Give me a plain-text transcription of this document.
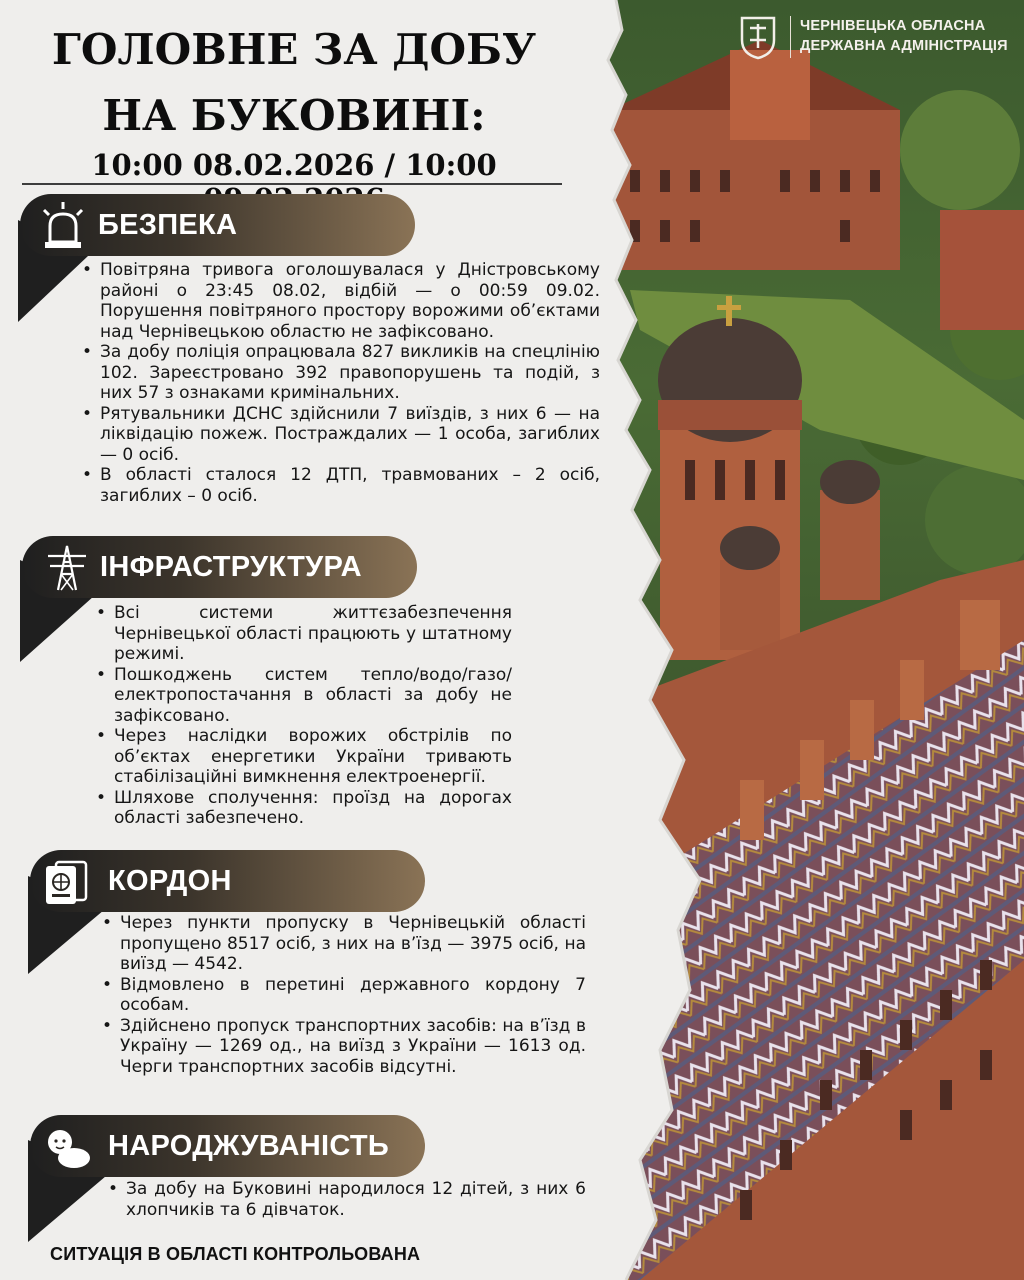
ЧЕРНІВЕЦЬКА ОБЛАСНА
ДЕРЖАВНА АДМІНІСТРАЦІЯ
ГОЛОВНЕ ЗА ДОБУ
НА БУКОВИНІ:
10:00 08.02.2026 / 10:00
БЕЗПЕКА
• Повітряна тривога оголошувалася у Дністровському районі о 23:45 08.02, відбій — о 00:59 09.02. Порушення повітряного простору ворожими об’єктами над Чернівецькою областю не зафіксовано.
• За добу поліція опрацювала 827 викликів на спецлінію 102. Зареєстровано 392 правопорушень та подій, з них 57 з ознаками кримінальних.
• Рятувальники ДСНС здійснили 7 виїздів, з них 6 — на ліквідацію пожеж. Постраждалих — 1 особа, загиблих — 0 осіб.
• В області сталося 12 ДТП, травмованих – 2 осіб, загиблих – 0 осіб.
ІНФРАСТРУКТУРА
• Всі системи життєзабезпечення Чернівецької області працюють у штатному режимі.
• Пошкоджень систем тепло/водо/газо/ електропостачання в області за добу не зафіксовано.
• Через наслідки ворожих обстрілів по об’єктах енергетики України тривають стабілізаційні вимкнення електроенергії.
• Шляхове сполучення: проїзд на дорогах області забезпечено.
КОРДОН
• Через пункти пропуску в Чернівецькій області пропущено 8517 осіб, з них на в’їзд — 3975 осіб, на виїзд — 4542.
• Відмовлено в перетині державного кордону 7 особам.
• Здійснено пропуск транспортних засобів: на в’їзд в Україну — 1269 од., на виїзд з України — 1613 од. Черги транспортних засобів відсутні.
НАРОДЖУВАНІСТЬ
• За добу на Буковині народилося 12 дітей, з них 6 хлопчиків та 6 дівчаток.
СИТУАЦІЯ В ОБЛАСТІ КОНТРОЛЬОВАНА
